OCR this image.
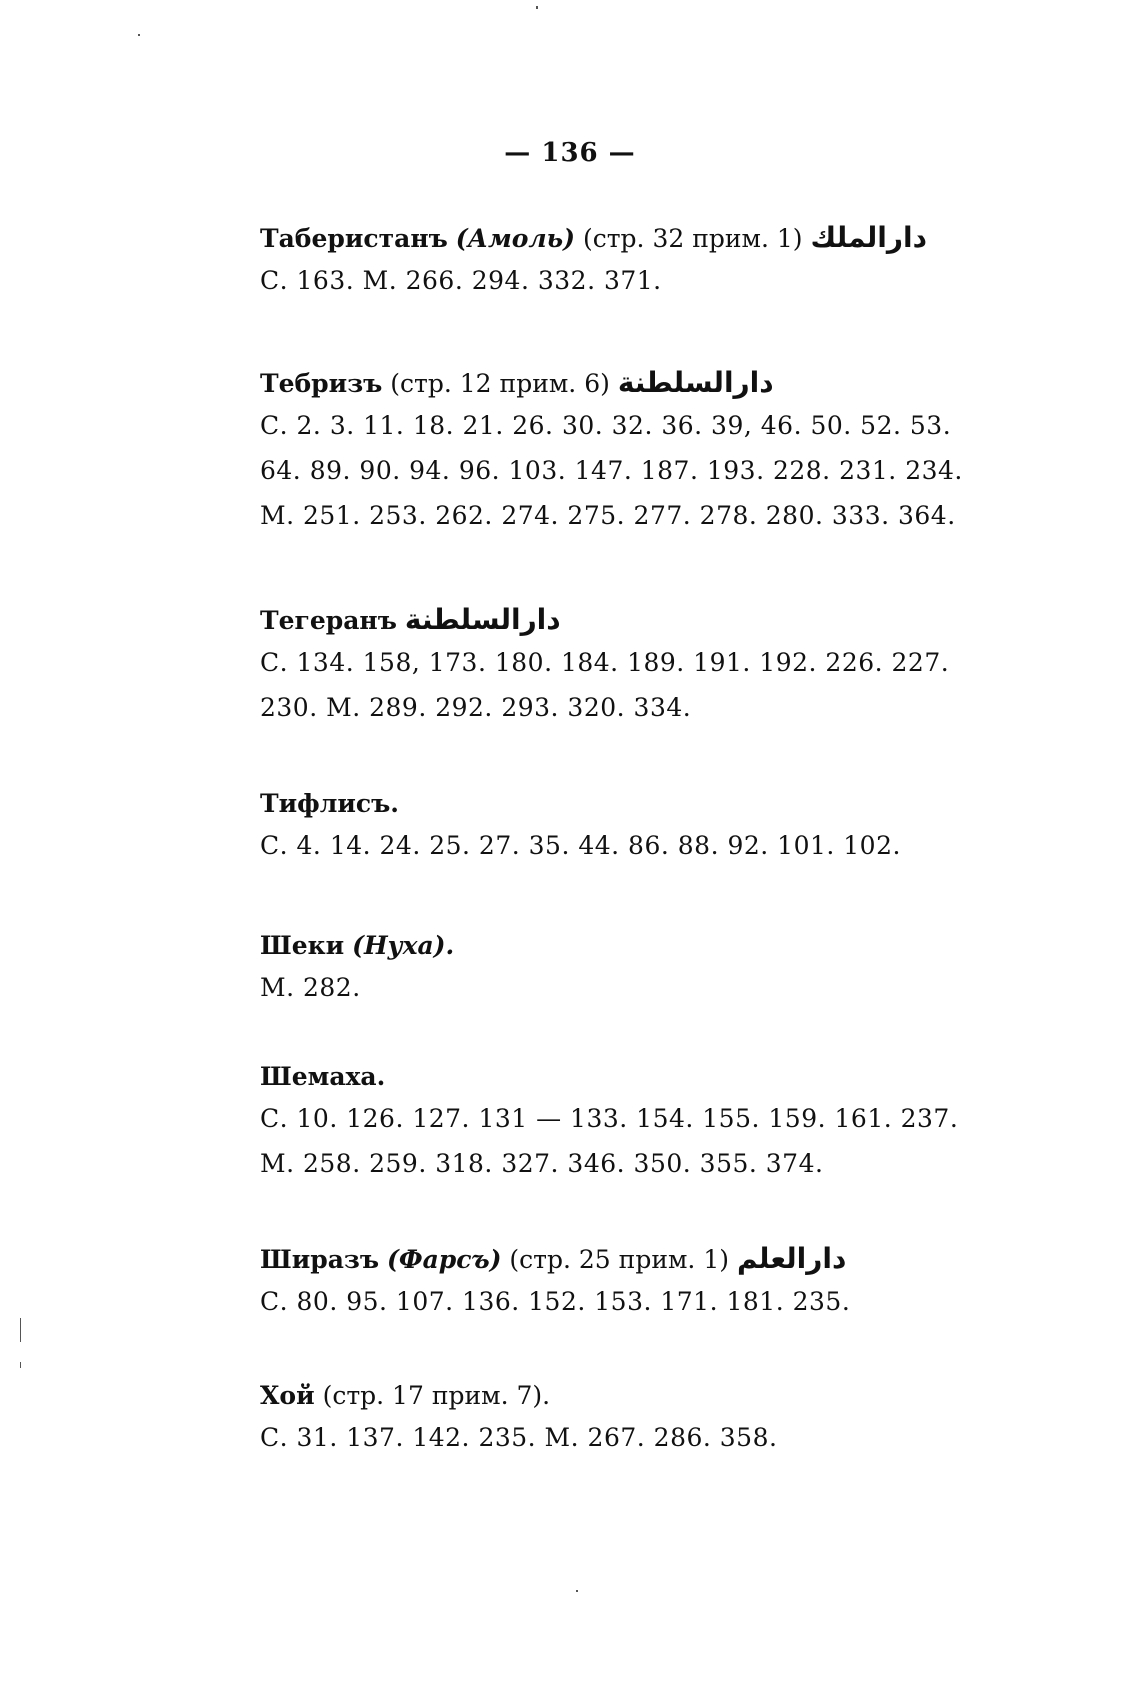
— 136 —
Таберистанъ (Амоль) (стр. 32 прим. 1) دارالملك
С. 163. М. 266. 294. 332. 371.
Тебризъ (стр. 12 прим. 6) دارالسلطنة
С. 2. 3. 11. 18. 21. 26. 30. 32. 36. 39, 46. 50. 52. 53.
64. 89. 90. 94. 96. 103. 147. 187. 193. 228. 231. 234.
М. 251. 253. 262. 274. 275. 277. 278. 280. 333. 364.
Тегеранъ دارالسلطنة
С. 134. 158, 173. 180. 184. 189. 191. 192. 226. 227.
230. М. 289. 292. 293. 320. 334.
Тифлисъ.
С. 4. 14. 24. 25. 27. 35. 44. 86. 88. 92. 101. 102.
Шеки (Нуха).
М. 282.
Шемаха.
С. 10. 126. 127. 131 — 133. 154. 155. 159. 161. 237.
М. 258. 259. 318. 327. 346. 350. 355. 374.
Ширазъ (Фарсъ) (стр. 25 прим. 1) دارالعلم
С. 80. 95. 107. 136. 152. 153. 171. 181. 235.
Хой (стр. 17 прим. 7).
С. 31. 137. 142. 235. М. 267. 286. 358.
